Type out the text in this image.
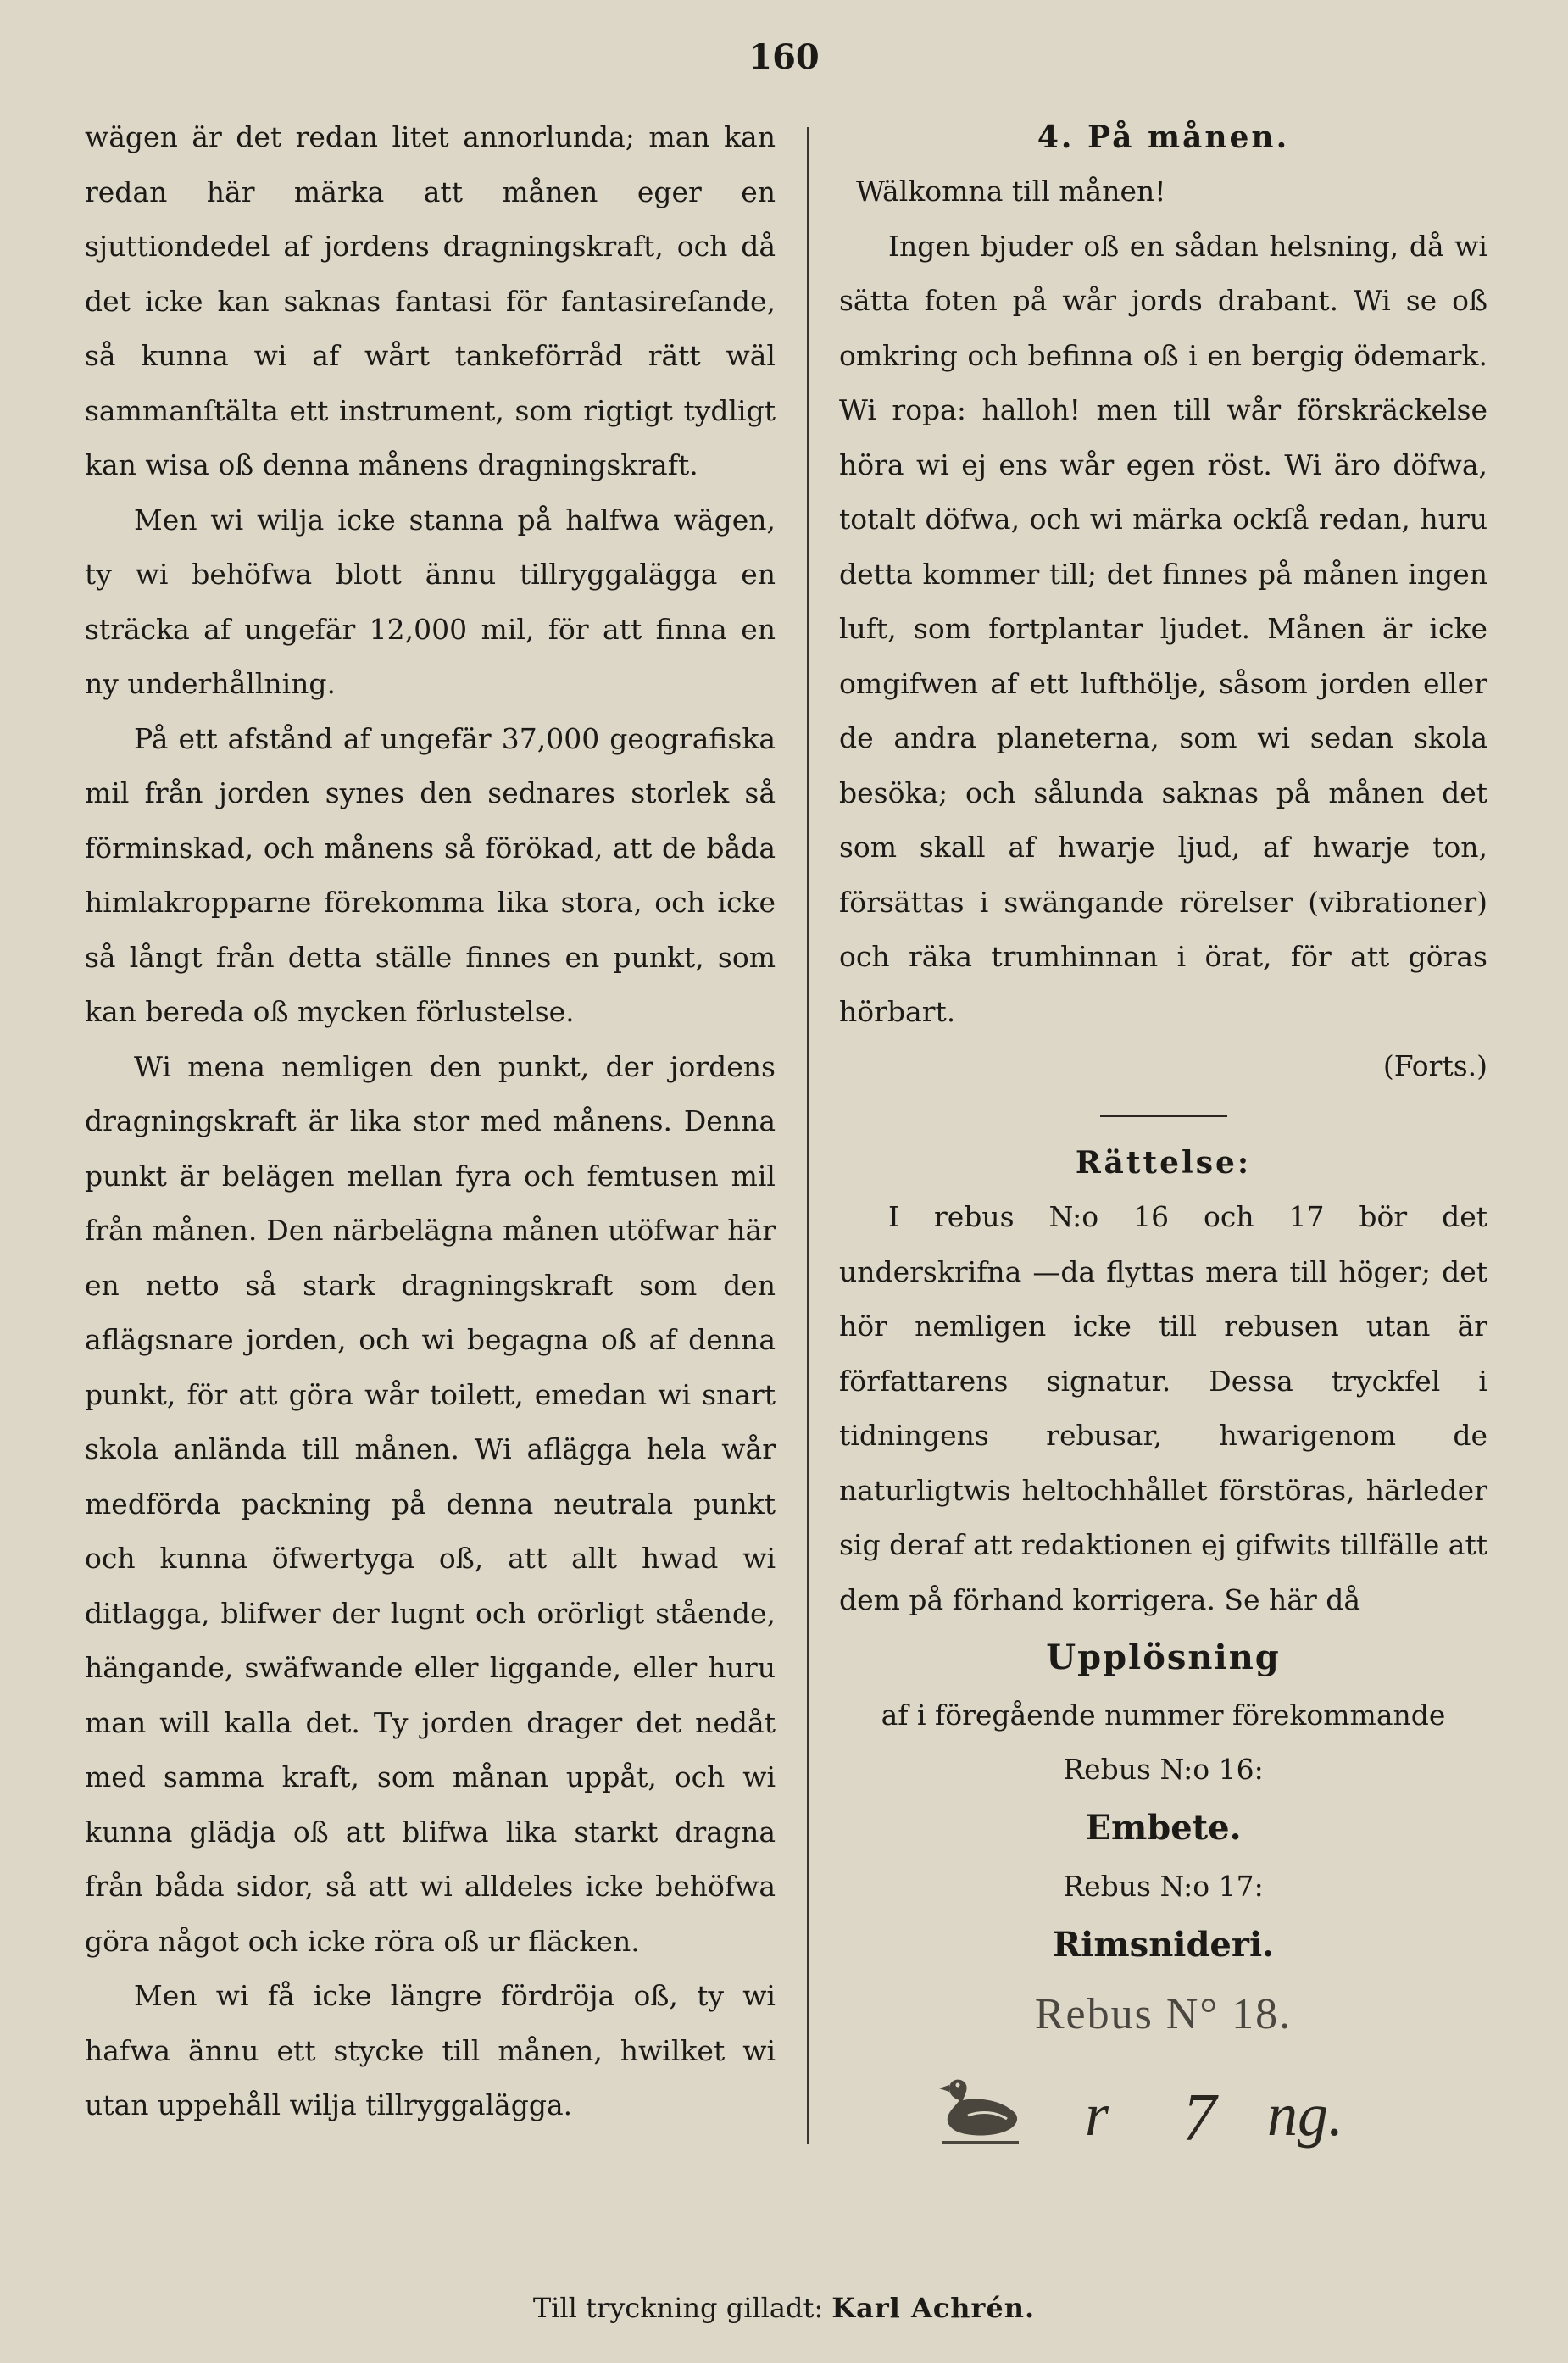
160

wägen är det redan litet annorlunda; man kan redan här märka att månen eger en sjuttiondedel af jordens dragningskraft, och då det icke kan saknas fantasi för fantasireſande, så kunna wi af wårt tankeförråd rätt wäl sammanſtälta ett instrument, som rigtigt tydligt kan wisa oß denna månens dragningskraft.

Men wi wilja icke stanna på halfwa wägen, ty wi behöfwa blott ännu tillryggalägga en sträcka af ungefär 12,000 mil, för att finna en ny underhållning.

På ett afstånd af ungefär 37,000 geografiska mil från jorden synes den sednares storlek så förminskad, och månens så förökad, att de båda himlakropparne förekomma lika stora, och icke så långt från detta ställe finnes en punkt, som kan bereda oß mycken förlustelse.

Wi mena nemligen den punkt, der jordens dragningskraft är lika stor med månens. Denna punkt är belägen mellan fyra och femtusen mil från månen. Den närbelägna månen utöfwar här en netto så stark dragningskraft som den aflägsnare jorden, och wi begagna oß af denna punkt, för att göra wår toilett, emedan wi snart skola anlända till månen. Wi aflägga hela wår medförda packning på denna neutrala punkt och kunna öfwertyga oß, att allt hwad wi ditlagga, blifwer der lugnt och orörligt stående, hängande, swäfwande eller liggande, eller huru man will kalla det. Ty jorden drager det nedåt med samma kraft, som månan uppåt, och wi kunna glädja oß att blifwa lika starkt dragna från båda sidor, så att wi alldeles icke behöfwa göra något och icke röra oß ur fläcken.

Men wi få icke längre fördröja oß, ty wi hafwa ännu ett stycke till månen, hwilket wi utan uppehåll wilja tillryggalägga.

4. På månen.

Wälkomna till månen!

Ingen bjuder oß en sådan helsning, då wi sätta foten på wår jords drabant. Wi se oß omkring och befinna oß i en bergig ödemark. Wi ropa: halloh! men till wår förskräckelse höra wi ej ens wår egen röst. Wi äro döfwa, totalt döfwa, och wi märka ockſå redan, huru detta kommer till; det finnes på månen ingen luft, som fortplantar ljudet. Månen är icke omgifwen af ett lufthölje, såsom jorden eller de andra planeterna, som wi sedan skola besöka; och sålunda saknas på månen det som skall af hwarje ljud, af hwarje ton, försättas i swängande rörelser (vibrationer) och räka trumhinnan i örat, för att göras hörbart.

(Forts.)

Rättelse:

I rebus N:o 16 och 17 bör det underskrifna —da flyttas mera till höger; det hör nemligen icke till rebusen utan är författarens signatur. Dessa tryckfel i tidningens rebusar, hwarigenom de naturligtwis heltochhållet förstöras, härleder sig deraf att redaktionen ej gifwits tillfälle att dem på förhand korrigera. Se här då

Upplösning

af i föregående nummer förekommande

Rebus N:o 16:

Embete.

Rebus N:o 17:

Rimsnideri.

Rebus N° 18.

r 7 ng.
Till tryckning gilladt: Karl Achrén.
